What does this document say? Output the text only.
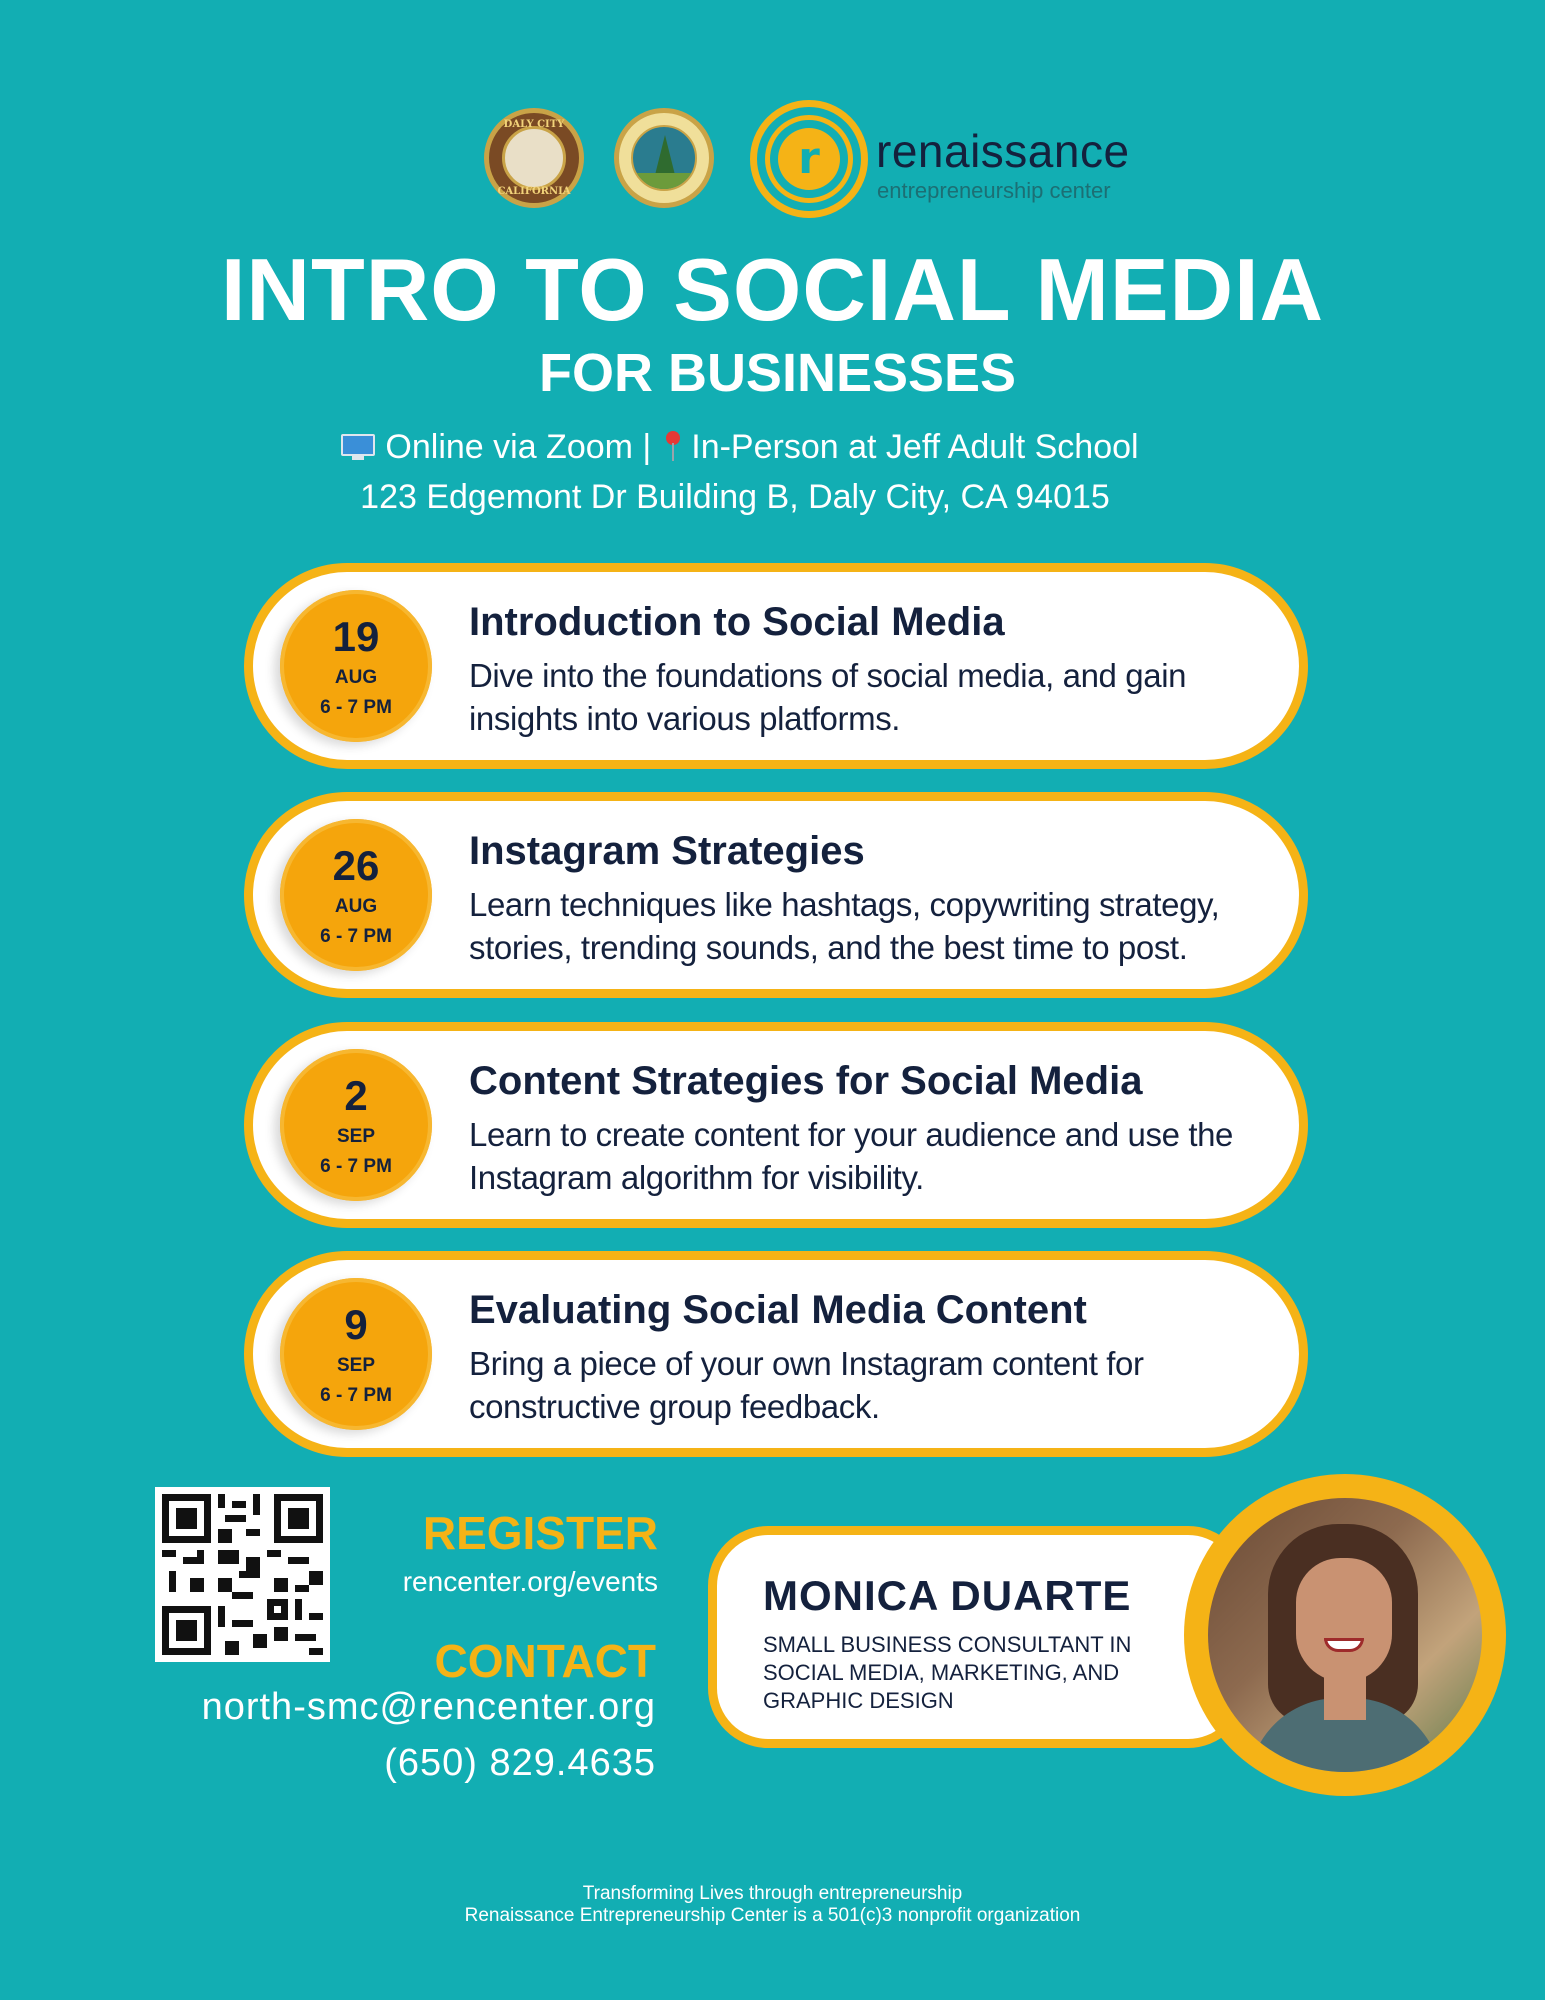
DALY CITY
CALIFORNIA
r	renaissance
entrepreneurship center
INTRO TO SOCIAL MEDIA
FOR BUSINESSES
Online via Zoom | In-Person at Jeff Adult School
123 Edgemont Dr Building B, Daly City, CA 94015
19
AUG
6 - 7 PM
Introduction to Social Media
Dive into the foundations of social media, and gain insights into various platforms.
26
AUG
6 - 7 PM
Instagram Strategies
Learn techniques like hashtags, copywriting strategy, stories, trending sounds, and the best time to post.
2
SEP
6 - 7 PM
Content Strategies for Social Media
Learn to create content for your audience and use the Instagram algorithm for visibility.
9
SEP
6 - 7 PM
Evaluating Social Media Content
Bring a piece of your own Instagram content for constructive group feedback.
REGISTER
rencenter.org/events
CONTACT
north-smc@rencenter.org
(650) 829.4635
MONICA DUARTE
SMALL BUSINESS CONSULTANT IN SOCIAL MEDIA, MARKETING, AND GRAPHIC DESIGN
Transforming Lives through entrepreneurship
Renaissance Entrepreneurship Center is a 501(c)3 nonprofit organization
